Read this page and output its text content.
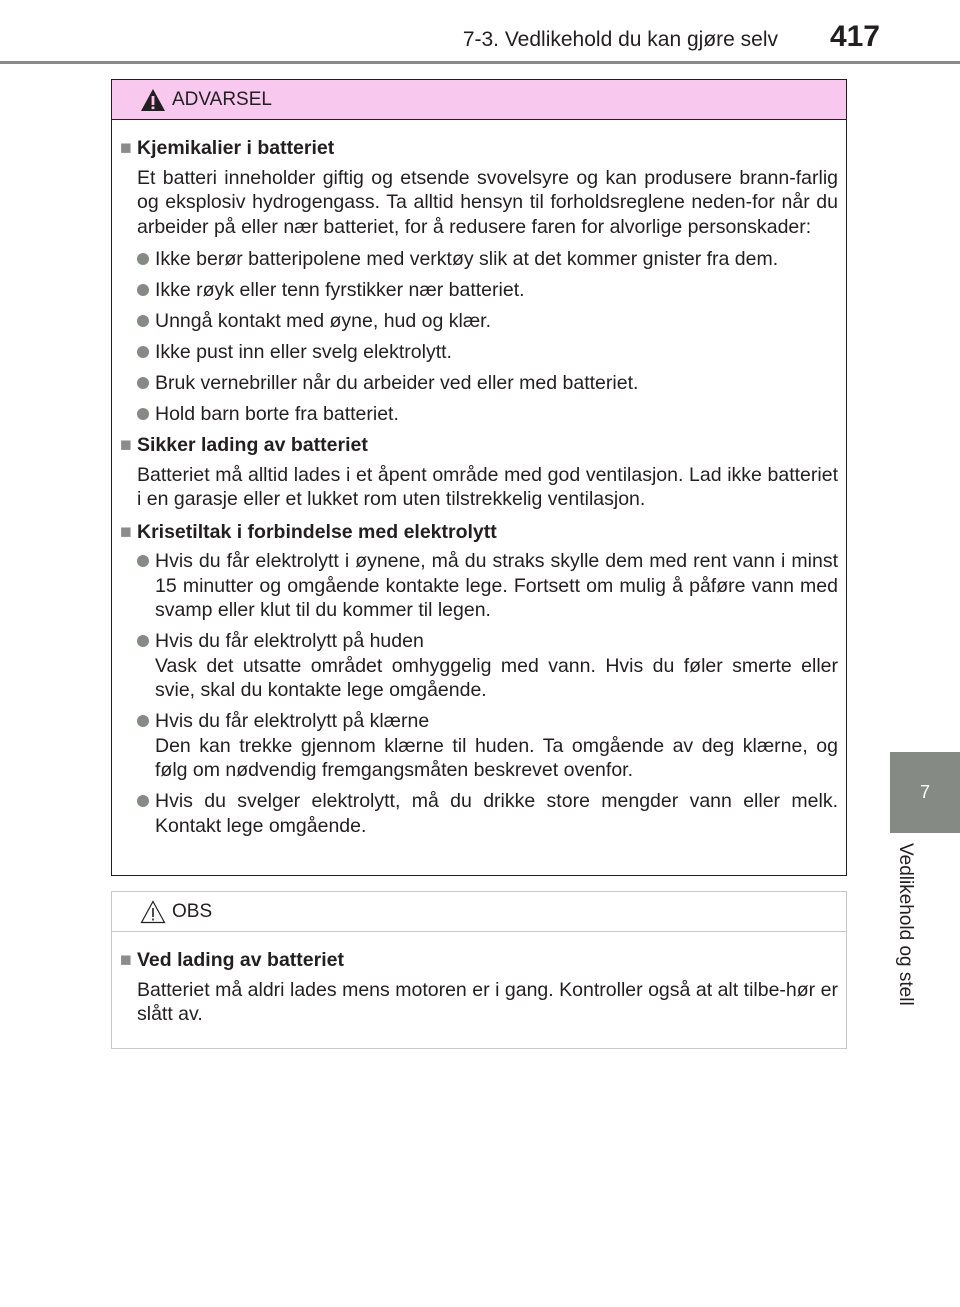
7-3. Vedlikehold du kan gjøre selv 417
7
Vedlikehold og stell
ADVARSEL
■ Kjemikalier i batteriet
Et batteri inneholder giftig og etsende svovelsyre og kan produsere brann-farlig og eksplosiv hydrogengass. Ta alltid hensyn til forholdsreglene neden-for når du arbeider på eller nær batteriet, for å redusere faren for alvorlige personskader:
Ikke berør batteripolene med verktøy slik at det kommer gnister fra dem.
Ikke røyk eller tenn fyrstikker nær batteriet.
Unngå kontakt med øyne, hud og klær.
Ikke pust inn eller svelg elektrolytt.
Bruk vernebriller når du arbeider ved eller med batteriet.
Hold barn borte fra batteriet.
■ Sikker lading av batteriet
Batteriet må alltid lades i et åpent område med god ventilasjon. Lad ikke batteriet i en garasje eller et lukket rom uten tilstrekkelig ventilasjon.
■ Krisetiltak i forbindelse med elektrolytt
Hvis du får elektrolytt i øynene, må du straks skylle dem med rent vann i minst 15 minutter og omgående kontakte lege. Fortsett om mulig å påføre vann med svamp eller klut til du kommer til legen.
Hvis du får elektrolytt på huden
Vask det utsatte området omhyggelig med vann. Hvis du føler smerte eller svie, skal du kontakte lege omgående.
Hvis du får elektrolytt på klærne
Den kan trekke gjennom klærne til huden. Ta omgående av deg klærne, og følg om nødvendig fremgangsmåten beskrevet ovenfor.
Hvis du svelger elektrolytt, må du drikke store mengder vann eller melk. Kontakt lege omgående.
OBS
■ Ved lading av batteriet
Batteriet må aldri lades mens motoren er i gang. Kontroller også at alt tilbe-hør er slått av.
